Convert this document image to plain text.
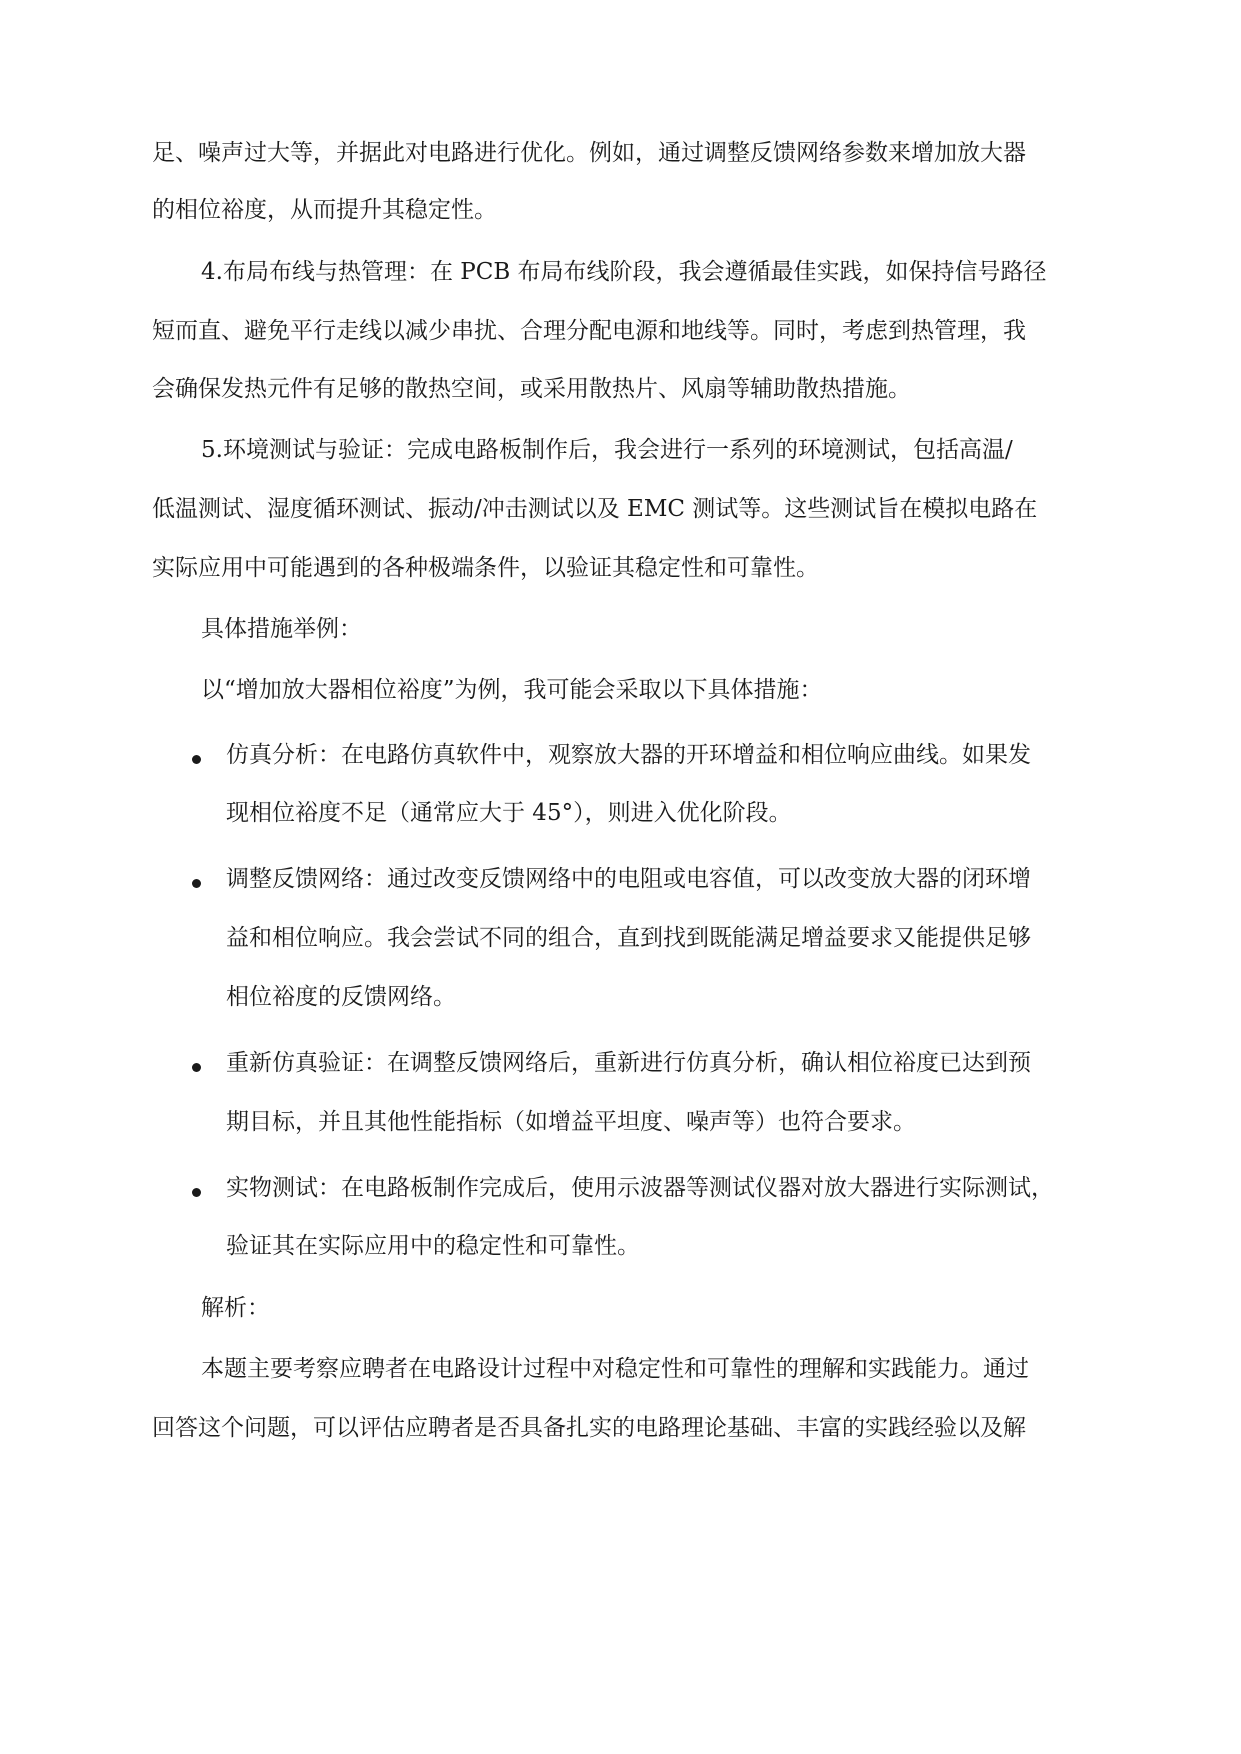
足、噪声过大等，并据此对电路进行优化。例如，通过调整反馈网络参数来增加放大器

的相位裕度，从而提升其稳定性。

4.布局布线与热管理：在 PCB 布局布线阶段，我会遵循最佳实践，如保持信号路径

短而直、避免平行走线以减少串扰、合理分配电源和地线等。同时，考虑到热管理，我

会确保发热元件有足够的散热空间，或采用散热片、风扇等辅助散热措施。

5.环境测试与验证：完成电路板制作后，我会进行一系列的环境测试，包括高温/

低温测试、湿度循环测试、振动/冲击测试以及 EMC 测试等。这些测试旨在模拟电路在

实际应用中可能遇到的各种极端条件，以验证其稳定性和可靠性。

具体措施举例：

以“增加放大器相位裕度”为例，我可能会采取以下具体措施：

仿真分析：在电路仿真软件中，观察放大器的开环增益和相位响应曲线。如果发

现相位裕度不足（通常应大于 45°），则进入优化阶段。

调整反馈网络：通过改变反馈网络中的电阻或电容值，可以改变放大器的闭环增

益和相位响应。我会尝试不同的组合，直到找到既能满足增益要求又能提供足够

相位裕度的反馈网络。

重新仿真验证：在调整反馈网络后，重新进行仿真分析，确认相位裕度已达到预

期目标，并且其他性能指标（如增益平坦度、噪声等）也符合要求。

实物测试：在电路板制作完成后，使用示波器等测试仪器对放大器进行实际测试，

验证其在实际应用中的稳定性和可靠性。

解析：

本题主要考察应聘者在电路设计过程中对稳定性和可靠性的理解和实践能力。通过

回答这个问题，可以评估应聘者是否具备扎实的电路理论基础、丰富的实践经验以及解
